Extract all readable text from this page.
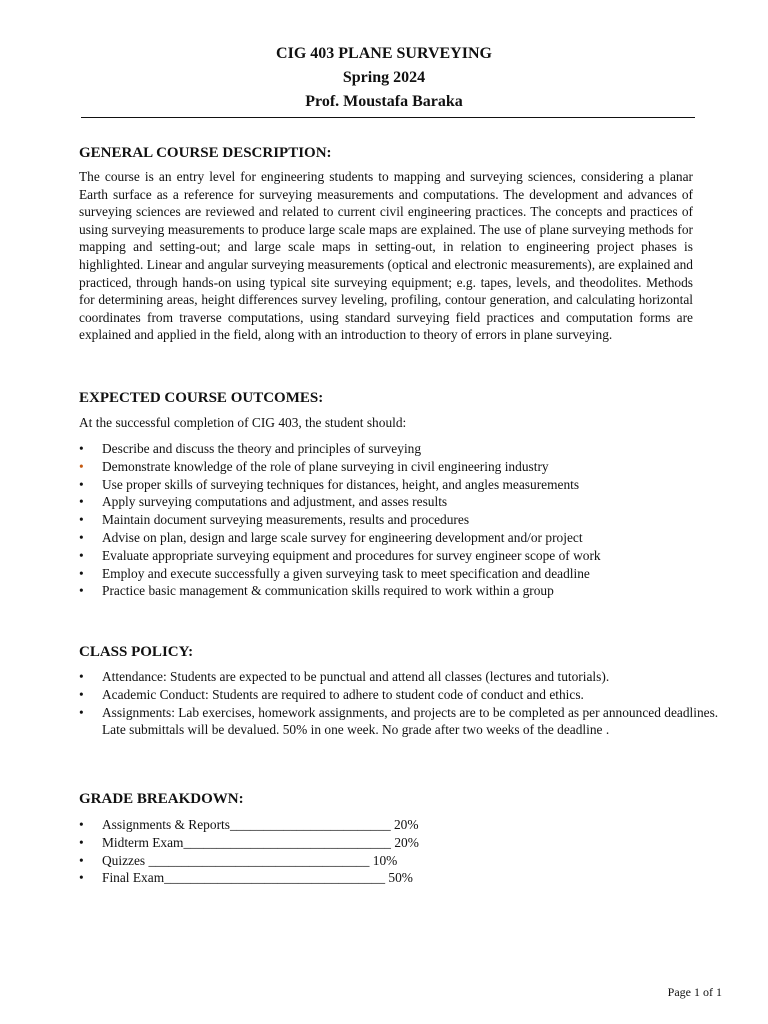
CIG 403 PLANE SURVEYING
Spring 2024
Prof. Moustafa Baraka
GENERAL COURSE DESCRIPTION:

The course is an entry level for engineering students to mapping and surveying sciences, considering a planar Earth surface as a reference for surveying measurements and computations. The development and advances of surveying sciences are reviewed and related to current civil engineering practices. The concepts and practices of using surveying measurements to produce large scale maps are explained. The use of plane surveying methods for mapping and setting-out; and large scale maps in setting-out, in relation to engineering project phases is highlighted. Linear and angular surveying measurements (optical and electronic measurements), are explained and practiced, through hands-on using typical site surveying equipment; e.g. tapes, levels, and theodolites. Methods for determining areas, height differences survey leveling, profiling, contour generation, and calculating horizontal coordinates from traverse computations, using standard surveying field practices and computation forms are explained and applied in the field, along with an introduction to theory of errors in plane surveying.

EXPECTED COURSE OUTCOMES:

At the successful completion of CIG 403, the student should:

• Describe and discuss the theory and principles of surveying
• Demonstrate knowledge of the role of plane surveying in civil engineering industry
• Use proper skills of surveying techniques for distances, height, and angles measurements
• Apply surveying computations and adjustment, and asses results
• Maintain document surveying measurements, results and procedures
• Advise on plan, design and large scale survey for engineering development and/or project
• Evaluate appropriate surveying equipment and procedures for survey engineer scope of work
• Employ and execute successfully a given surveying task to meet specification and deadline
• Practice basic management & communication skills required to work within a group
CLASS POLICY:
• Attendance: Students are expected to be punctual and attend all classes (lectures and tutorials).
• Academic Conduct: Students are required to adhere to student code of conduct and ethics.
• Assignments: Lab exercises, homework assignments, and projects are to be completed as per announced deadlines. Late submittals will be devalued. 50% in one week. No grade after two weeks of the deadline .
GRADE BREAKDOWN:
• Assignments & Reports________________________ 20%
• Midterm Exam_______________________________ 20%
• Quizzes _________________________________ 10%
• Final Exam_________________________________ 50%
Page 1 of 1
